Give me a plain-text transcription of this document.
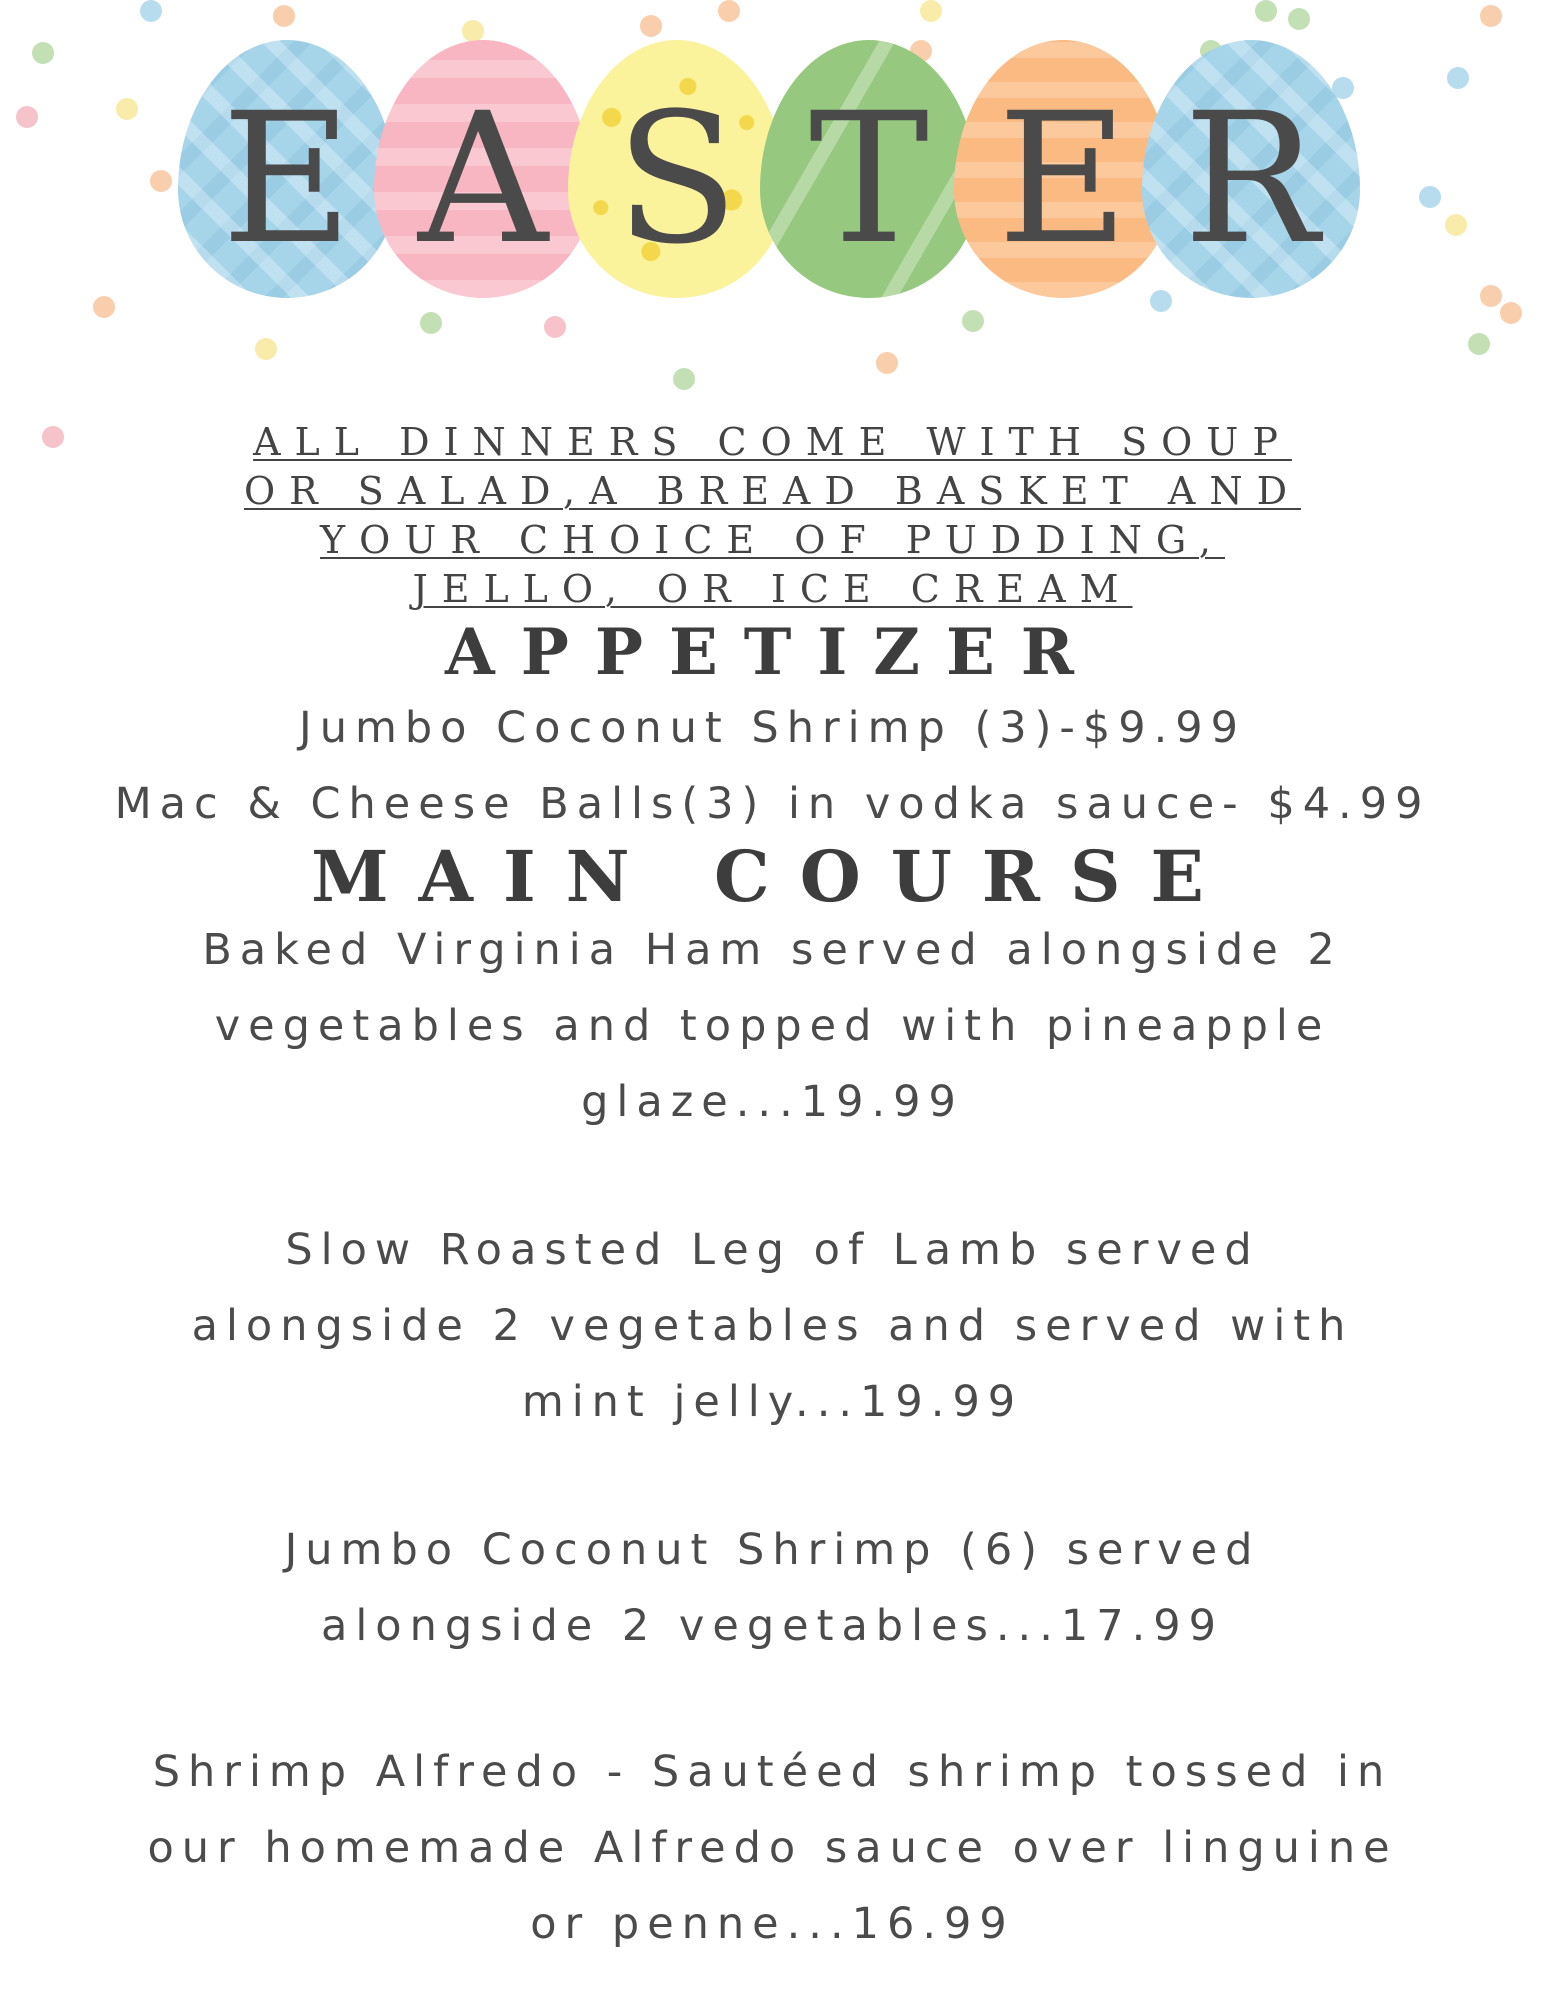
E A S T E R
ALL DINNERS COME WITH SOUP OR SALAD,A BREAD BASKET AND YOUR CHOICE OF PUDDING, JELLO, OR ICE CREAM
APPETIZER
Jumbo Coconut Shrimp (3)-$9.99
Mac & Cheese Balls(3) in vodka sauce- $4.99
MAIN COURSE
Baked Virginia Ham served alongside 2 vegetables and topped with pineapple glaze...19.99
Slow Roasted Leg of Lamb served alongside 2 vegetables and served with mint jelly...19.99
Jumbo Coconut Shrimp (6) served alongside 2 vegetables...17.99
Shrimp Alfredo - Sautéed shrimp tossed in our homemade Alfredo sauce over linguine or penne...16.99
